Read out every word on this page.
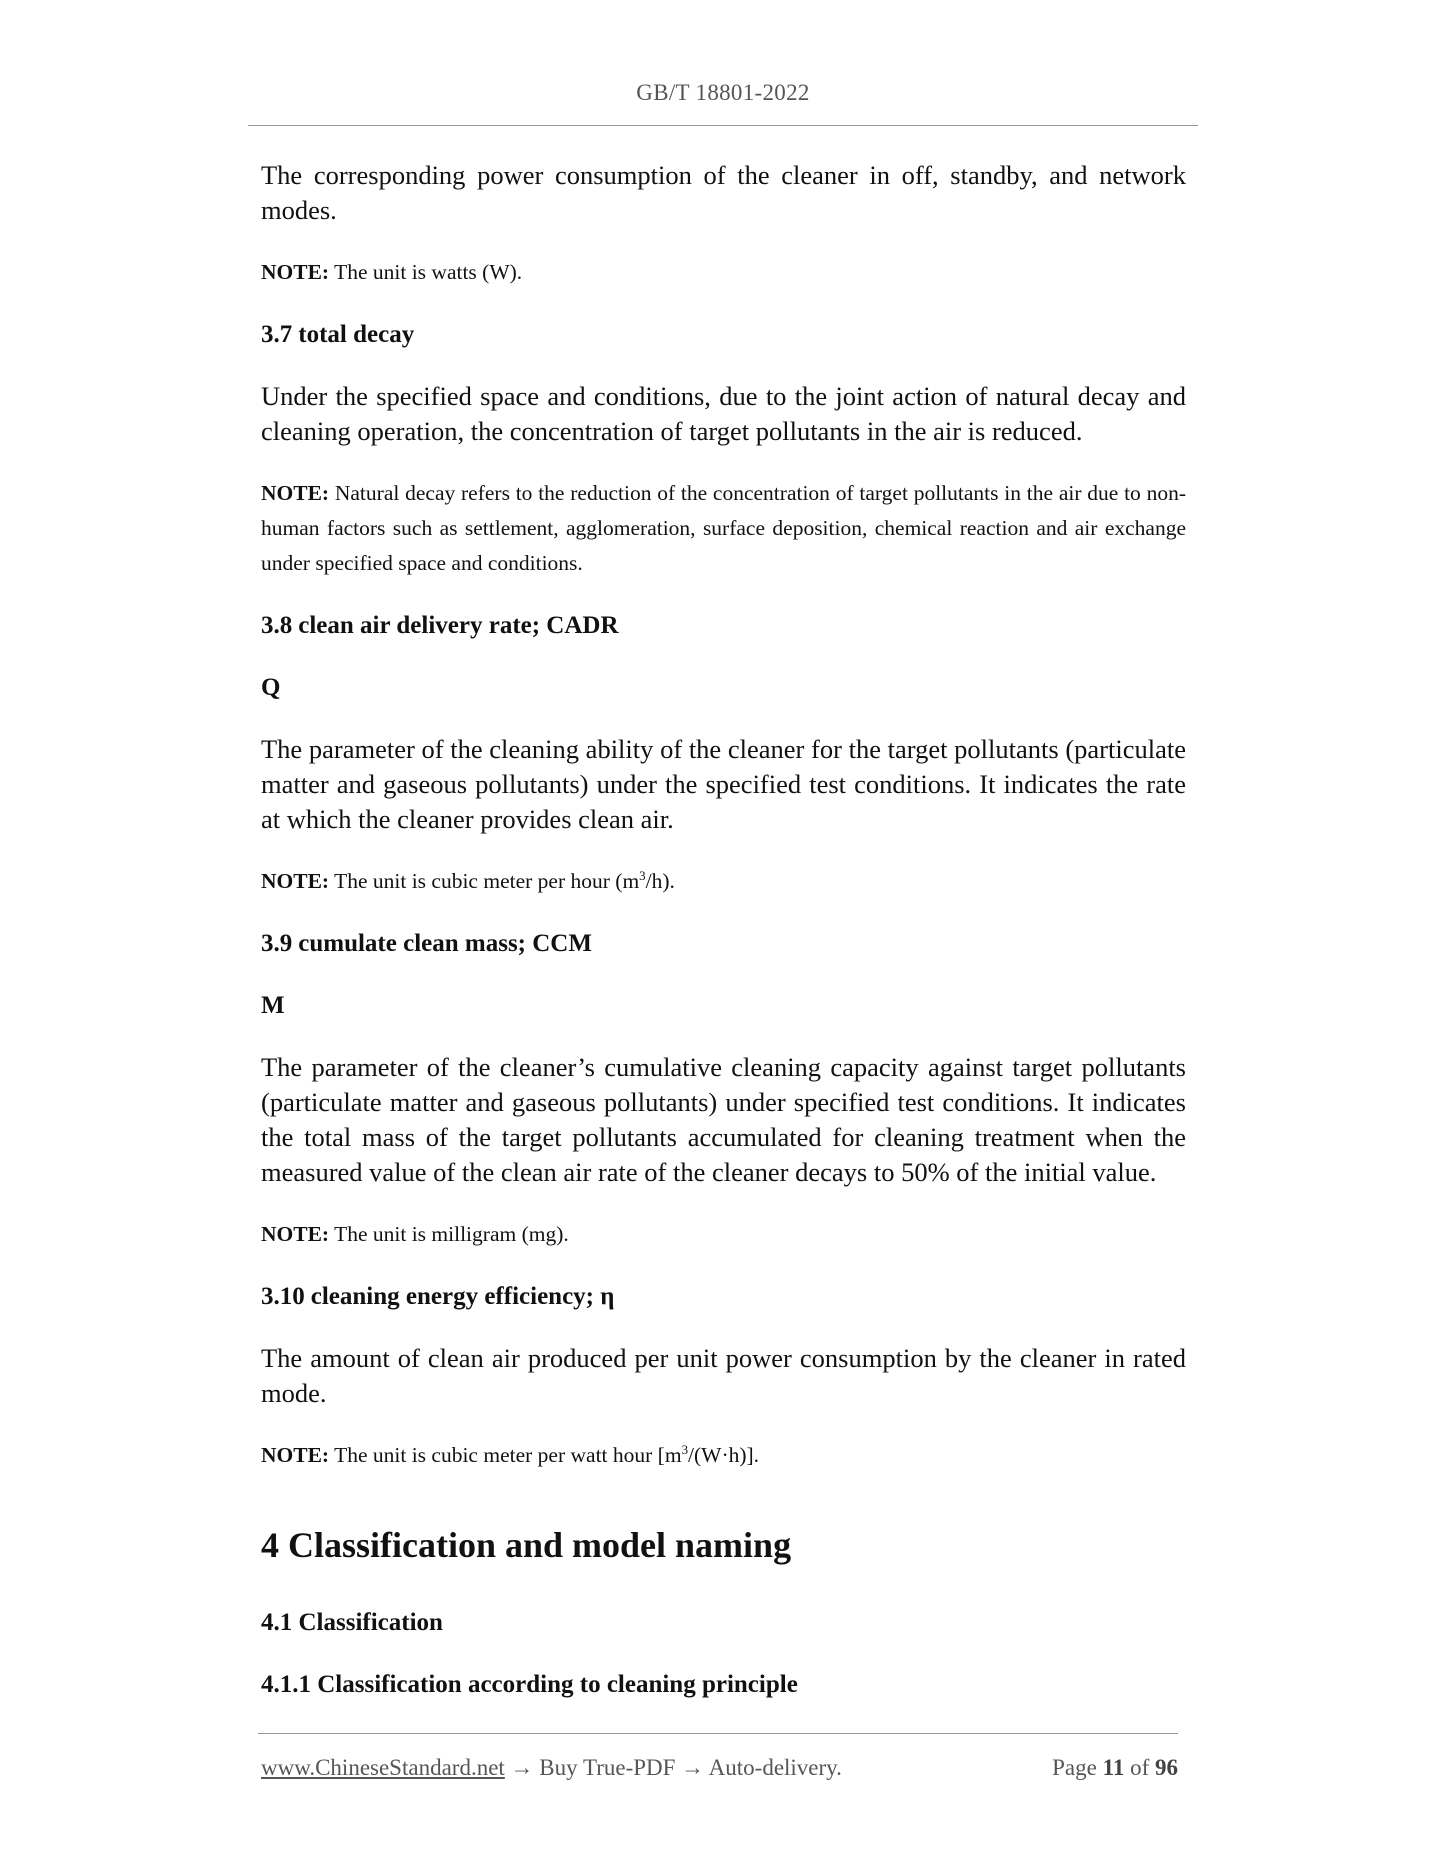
GB/T 18801-2022

The corresponding power consumption of the cleaner in off, standby, and network modes.

NOTE: The unit is watts (W).

3.7 total decay

Under the specified space and conditions, due to the joint action of natural decay and cleaning operation, the concentration of target pollutants in the air is reduced.

NOTE: Natural decay refers to the reduction of the concentration of target pollutants in the air due to non-human factors such as settlement, agglomeration, surface deposition, chemical reaction and air exchange under specified space and conditions.

3.8 clean air delivery rate; CADR
Q

The parameter of the cleaning ability of the cleaner for the target pollutants (particulate matter and gaseous pollutants) under the specified test conditions. It indicates the rate at which the cleaner provides clean air.

NOTE: The unit is cubic meter per hour $(m^3/h)$.

3.9 cumulate clean mass; CCM
M

The parameter of the cleaner’s cumulative cleaning capacity against target pollutants (particulate matter and gaseous pollutants) under specified test conditions. It indicates the total mass of the target pollutants accumulated for cleaning treatment when the measured value of the clean air rate of the cleaner decays to 50% of the initial value.

NOTE: The unit is milligram (mg).

3.10 cleaning energy efficiency; η

The amount of clean air produced per unit power consumption by the cleaner in rated mode.

NOTE: The unit is cubic meter per watt hour $[m^3/(W\cdot h)]$.

4 Classification and model naming
4.1 Classification
4.1.1 Classification according to cleaning principle
www.ChineseStandard.net → Buy True-PDF → Auto-delivery.	Page 11 of 96
